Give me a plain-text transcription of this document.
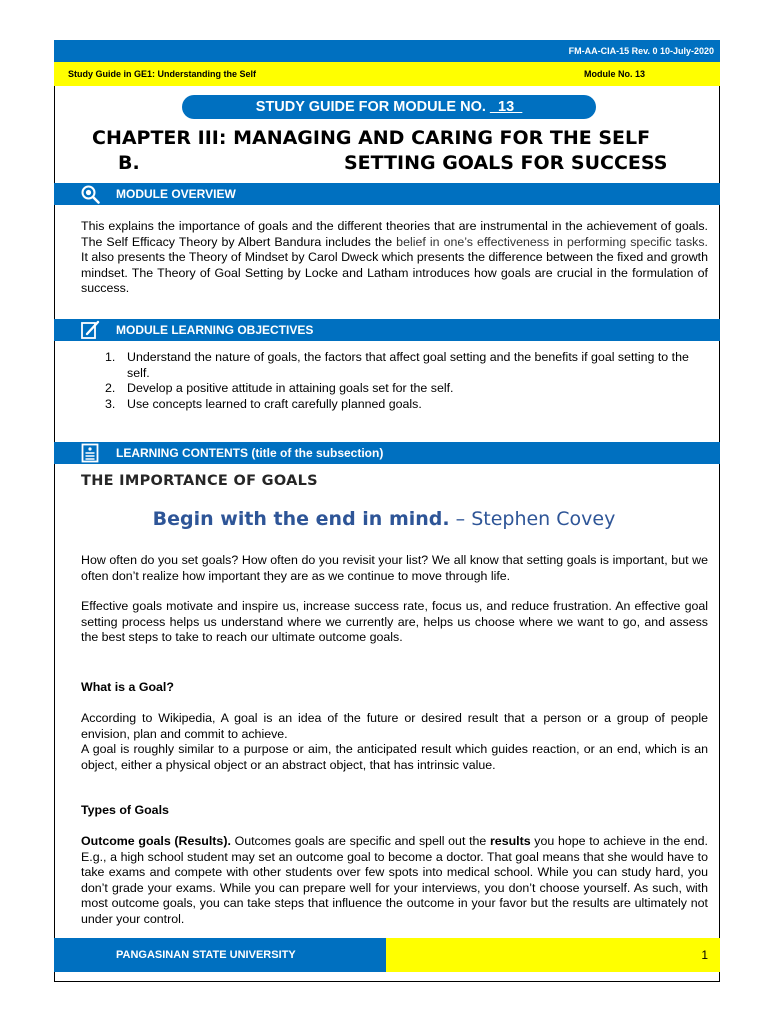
FM-AA-CIA-15 Rev. 0 10-July-2020
Study Guide in GE1: Understanding the Self	Module No. 13
STUDY GUIDE FOR MODULE NO. _13_
CHAPTER III: MANAGING AND CARING FOR THE SELF
B.	SETTING GOALS FOR SUCCESS
MODULE OVERVIEW
This explains the importance of goals and the different theories that are instrumental in the achievement of goals. The Self Efficacy Theory by Albert Bandura includes the belief in one’s effectiveness in performing specific tasks. It also presents the Theory of Mindset by Carol Dweck which presents the difference between the fixed and growth mindset. The Theory of Goal Setting by Locke and Latham introduces how goals are crucial in the formulation of success.
MODULE LEARNING OBJECTIVES
1. Understand the nature of goals, the factors that affect goal setting and the benefits if goal setting to the self.
2. Develop a positive attitude in attaining goals set for the self.
3. Use concepts learned to craft carefully planned goals.
LEARNING CONTENTS (title of the subsection)
THE IMPORTANCE OF GOALS
Begin with the end in mind. – Stephen Covey
How often do you set goals? How often do you revisit your list? We all know that setting goals is important, but we often don’t realize how important they are as we continue to move through life.
Effective goals motivate and inspire us, increase success rate, focus us, and reduce frustration. An effective goal setting process helps us understand where we currently are, helps us choose where we want to go, and assess the best steps to take to reach our ultimate outcome goals.
What is a Goal?
According to Wikipedia, A goal is an idea of the future or desired result that a person or a group of people envision, plan and commit to achieve.
A goal is roughly similar to a purpose or aim, the anticipated result which guides reaction, or an end, which is an object, either a physical object or an abstract object, that has intrinsic value.
Types of Goals
Outcome goals (Results). Outcomes goals are specific and spell out the results you hope to achieve in the end. E.g., a high school student may set an outcome goal to become a doctor. That goal means that she would have to take exams and compete with other students over few spots into medical school. While you can study hard, you don’t grade your exams. While you can prepare well for your interviews, you don’t choose yourself. As such, with most outcome goals, you can take steps that influence the outcome in your favor but the results are ultimately not under your control.
PANGASINAN STATE UNIVERSITY	1
